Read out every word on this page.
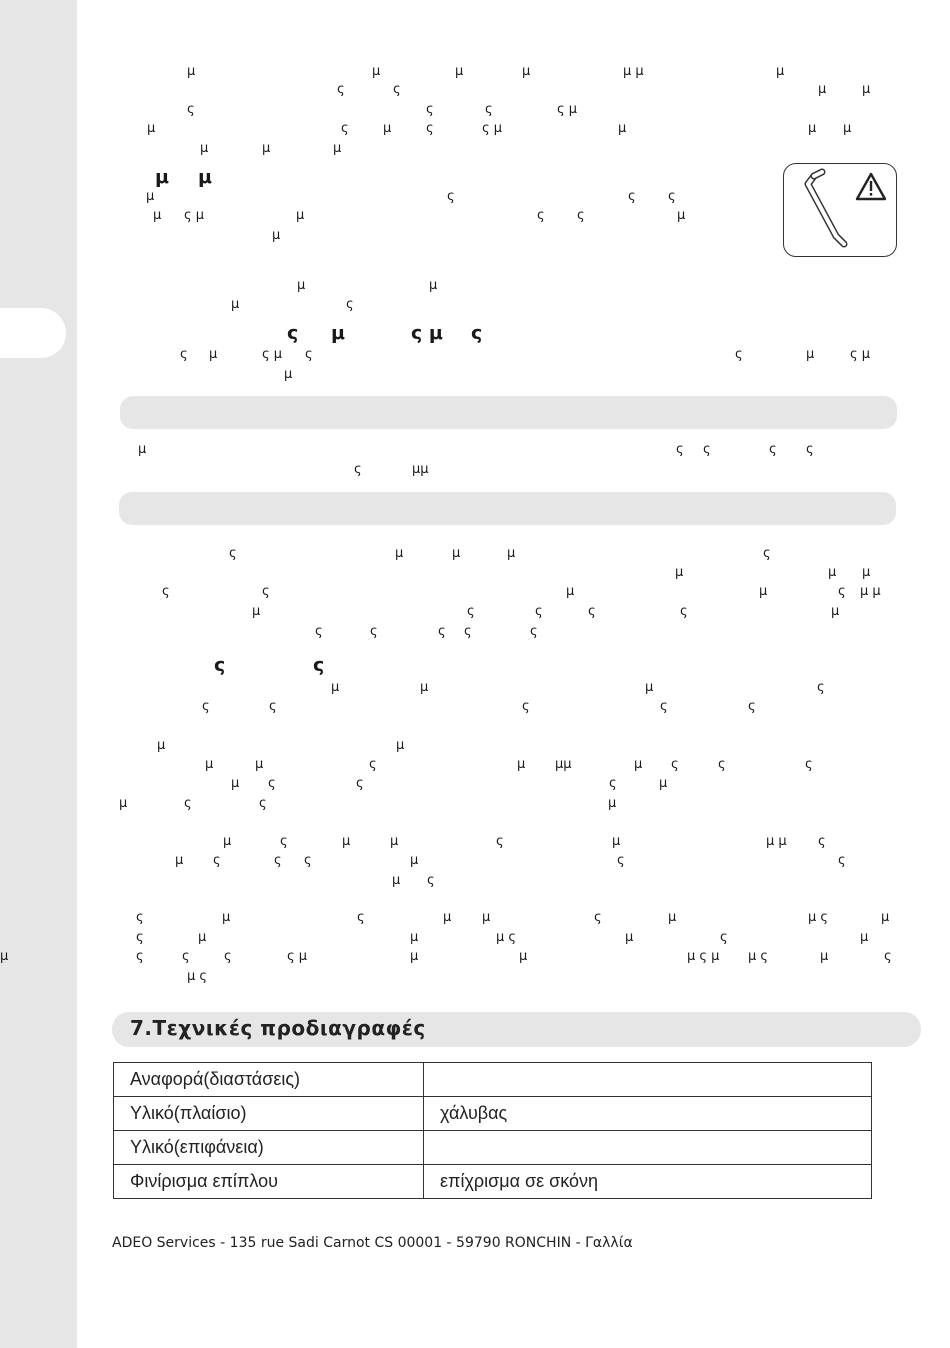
μ	μ	μ	μ	μ μ	μ
ς	ς	μ	μ
ς	ς	ς	ς μ
μ	ς	μ	ς	ς μ	μ	μ μ
μ	μ	μ
μ	ς	ς ς
μ ς μ	μ	ς ς	μ
μ
μ	μ
μ	ς
ς μ	ς μ ς	ς	μ	ς μ
μ
μ	ς ς	ς ς
ς	μμ
ς	μ	μ	μ	ς
μ	μ μ
ς	ς	μ	μ	ς μ μ
μ	ς	ς	ς	ς	μ
ς	ς	ς ς	ς
μ	μ	μ	ς
ς	ς	ς	ς	ς
μ	μ
μ	μ	ς	μ μμ	μ ς	ς	ς
μ ς	ς	ς	μ
μ	ς	ς	μ
μ	ς	μ	μ	ς	μ	μ μ ς
μ ς	ς ς	μ	ς	ς
μ ς
ς	μ	ς	μ μ	ς	μ	μ ς	μ
ς	μ	μ	μ ς	μ	ς	μ
ς	ς	ς	ς μ	μ	μ	μ ς μ μ ς	μ	ς
μ
μ ς
μ μ
ς μ	ς μ ς
ς	ς
7.Τεχνικές προδιαγραφές
Αναφορά(διαστάσεις)	
Υλικό(πλαίσιο)	χάλυβας
Υλικό(επιφάνεια)	
Φινίρισμα επίπλου	επίχρισμα σε σκόνη
ADEO Services - 135 rue Sadi Carnot CS 00001 - 59790 RONCHIN - Γαλλία
